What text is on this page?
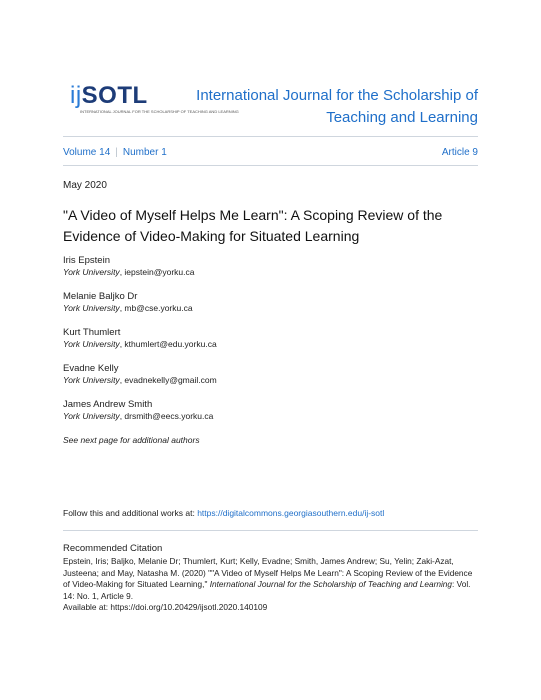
ijSOTL
INTERNATIONAL JOURNAL FOR THE SCHOLARSHIP OF TEACHING AND LEARNING
International Journal for the Scholarship of Teaching and Learning
Volume 14 | Number 1	Article 9
May 2020
"A Video of Myself Helps Me Learn": A Scoping Review of the Evidence of Video-Making for Situated Learning
Iris Epstein
York University, iepstein@yorku.ca
Melanie Baljko Dr
York University, mb@cse.yorku.ca
Kurt Thumlert
York University, kthumlert@edu.yorku.ca
Evadne Kelly
York University, evadnekelly@gmail.com
James Andrew Smith
York University, drsmith@eecs.yorku.ca
See next page for additional authors
Follow this and additional works at: https://digitalcommons.georgiasouthern.edu/ij-sotl
Recommended Citation
Epstein, Iris; Baljko, Melanie Dr; Thumlert, Kurt; Kelly, Evadne; Smith, James Andrew; Su, Yelin; Zaki-Azat, Justeena; and May, Natasha M. (2020) ""A Video of Myself Helps Me Learn": A Scoping Review of the Evidence of Video-Making for Situated Learning," International Journal for the Scholarship of Teaching and Learning: Vol. 14: No. 1, Article 9.
Available at: https://doi.org/10.20429/ijsotl.2020.140109
